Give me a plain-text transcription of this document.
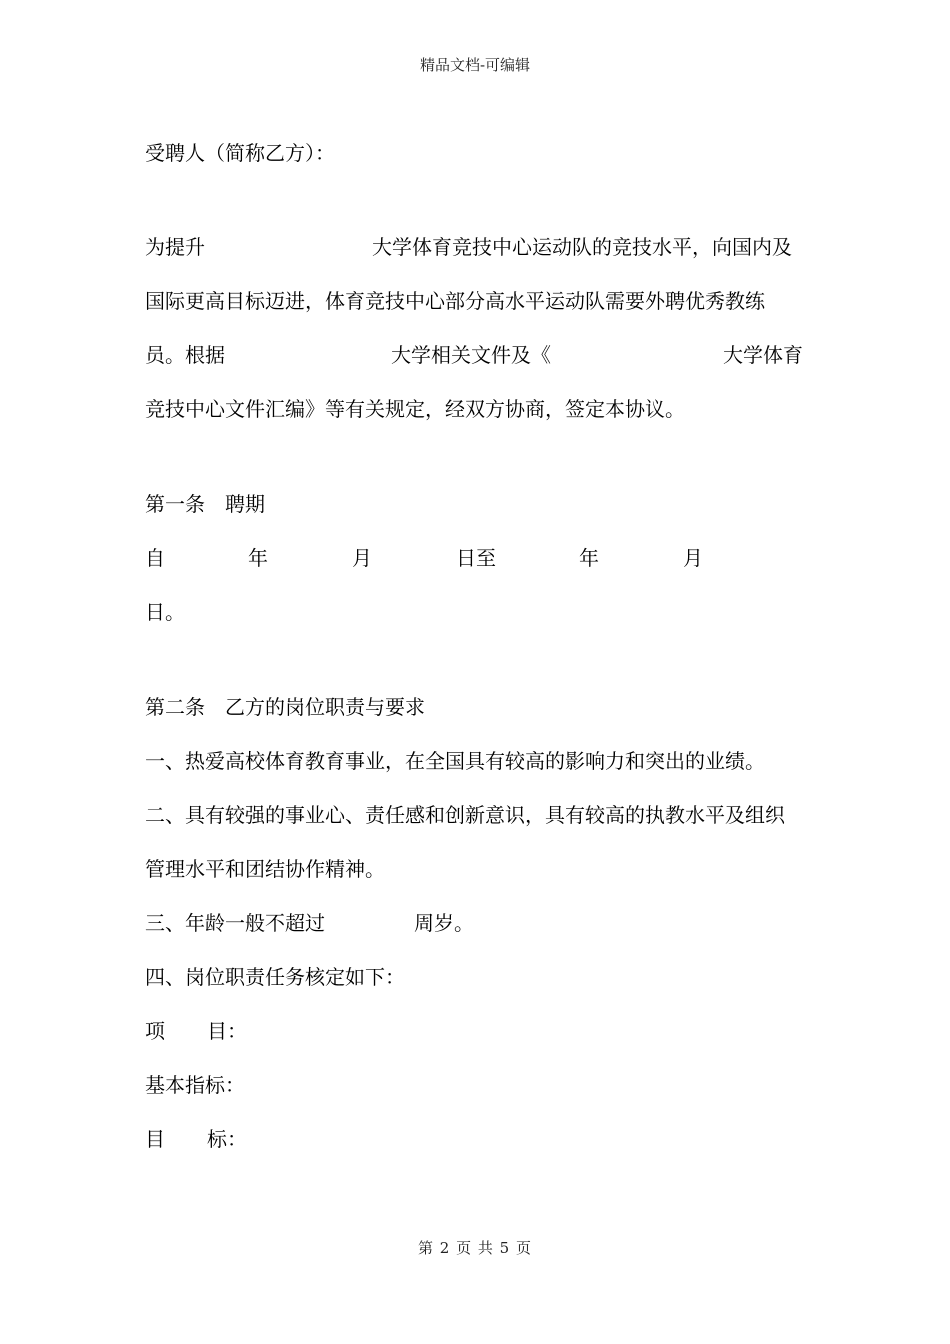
精品文档-可编辑
受聘人（简称乙方）：
为提升	大学体育竞技中心运动队的竞技水平，向国内及
国际更高目标迈进，体育竞技中心部分高水平运动队需要外聘优秀教练
员。根据	大学相关文件及《	大学体育
竞技中心文件汇编》等有关规定，经双方协商，签定本协议。
第一条　聘期
自	年	月	日至	年	月
日。
第二条　乙方的岗位职责与要求
一、热爱高校体育教育事业，在全国具有较高的影响力和突出的业绩。
二、具有较强的事业心、责任感和创新意识，具有较高的执教水平及组织
管理水平和团结协作精神。
三、年龄一般不超过	周岁。
四、岗位职责任务核定如下：
项 目：
基本指标：
目 标：
第 2 页 共 5 页
